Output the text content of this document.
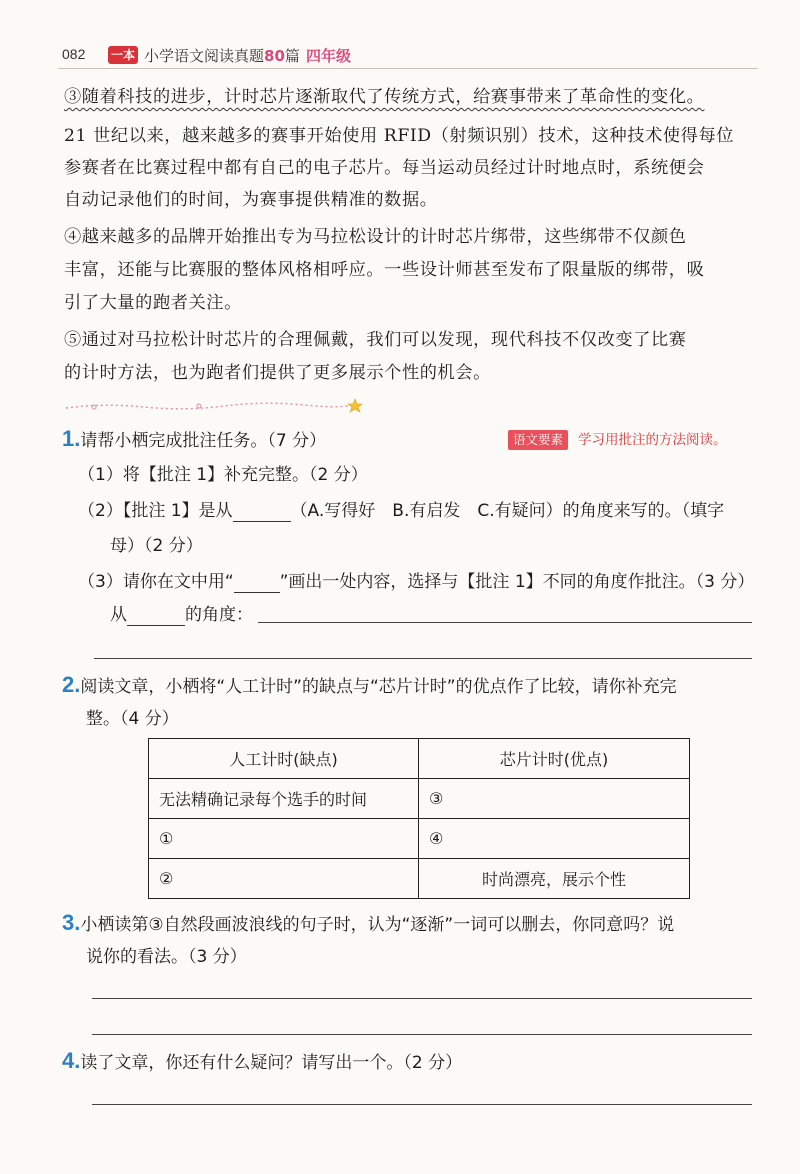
082 一本 小学语文阅读真题80篇 四年级
③随着科技的进步，计时芯片逐渐取代了传统方式，给赛事带来了革命性的变化。
21 世纪以来，越来越多的赛事开始使用 RFID（射频识别）技术，这种技术使得每位
参赛者在比赛过程中都有自己的电子芯片。每当运动员经过计时地点时，系统便会
自动记录他们的时间，为赛事提供精准的数据。
④越来越多的品牌开始推出专为马拉松设计的计时芯片绑带，这些绑带不仅颜色
丰富，还能与比赛服的整体风格相呼应。一些设计师甚至发布了限量版的绑带，吸
引了大量的跑者关注。
⑤通过对马拉松计时芯片的合理佩戴，我们可以发现，现代科技不仅改变了比赛
的计时方法，也为跑者们提供了更多展示个性的机会。
1.请帮小栖完成批注任务。（7 分）	语文要素	学习用批注的方法阅读。
（1）将【批注 1】补充完整。（2 分）
（2）【批注 1】是从	（A.写得好　B.有启发　C.有疑问）的角度来写的。（填字
母）（2 分）
（3）请你在文中用“	”画出一处内容，选择与【批注 1】不同的角度作批注。（3 分）
从	的角度：
2.阅读文章，小栖将“人工计时”的缺点与“芯片计时”的优点作了比较，请你补充完
整。（4 分）
人工计时(缺点)	芯片计时(优点)
无法精确记录每个选手的时间	③
①	④
②	时尚漂亮，展示个性
3.小栖读第③自然段画波浪线的句子时，认为“逐渐”一词可以删去，你同意吗？说
说你的看法。（3 分）
4.读了文章，你还有什么疑问？请写出一个。（2 分）
